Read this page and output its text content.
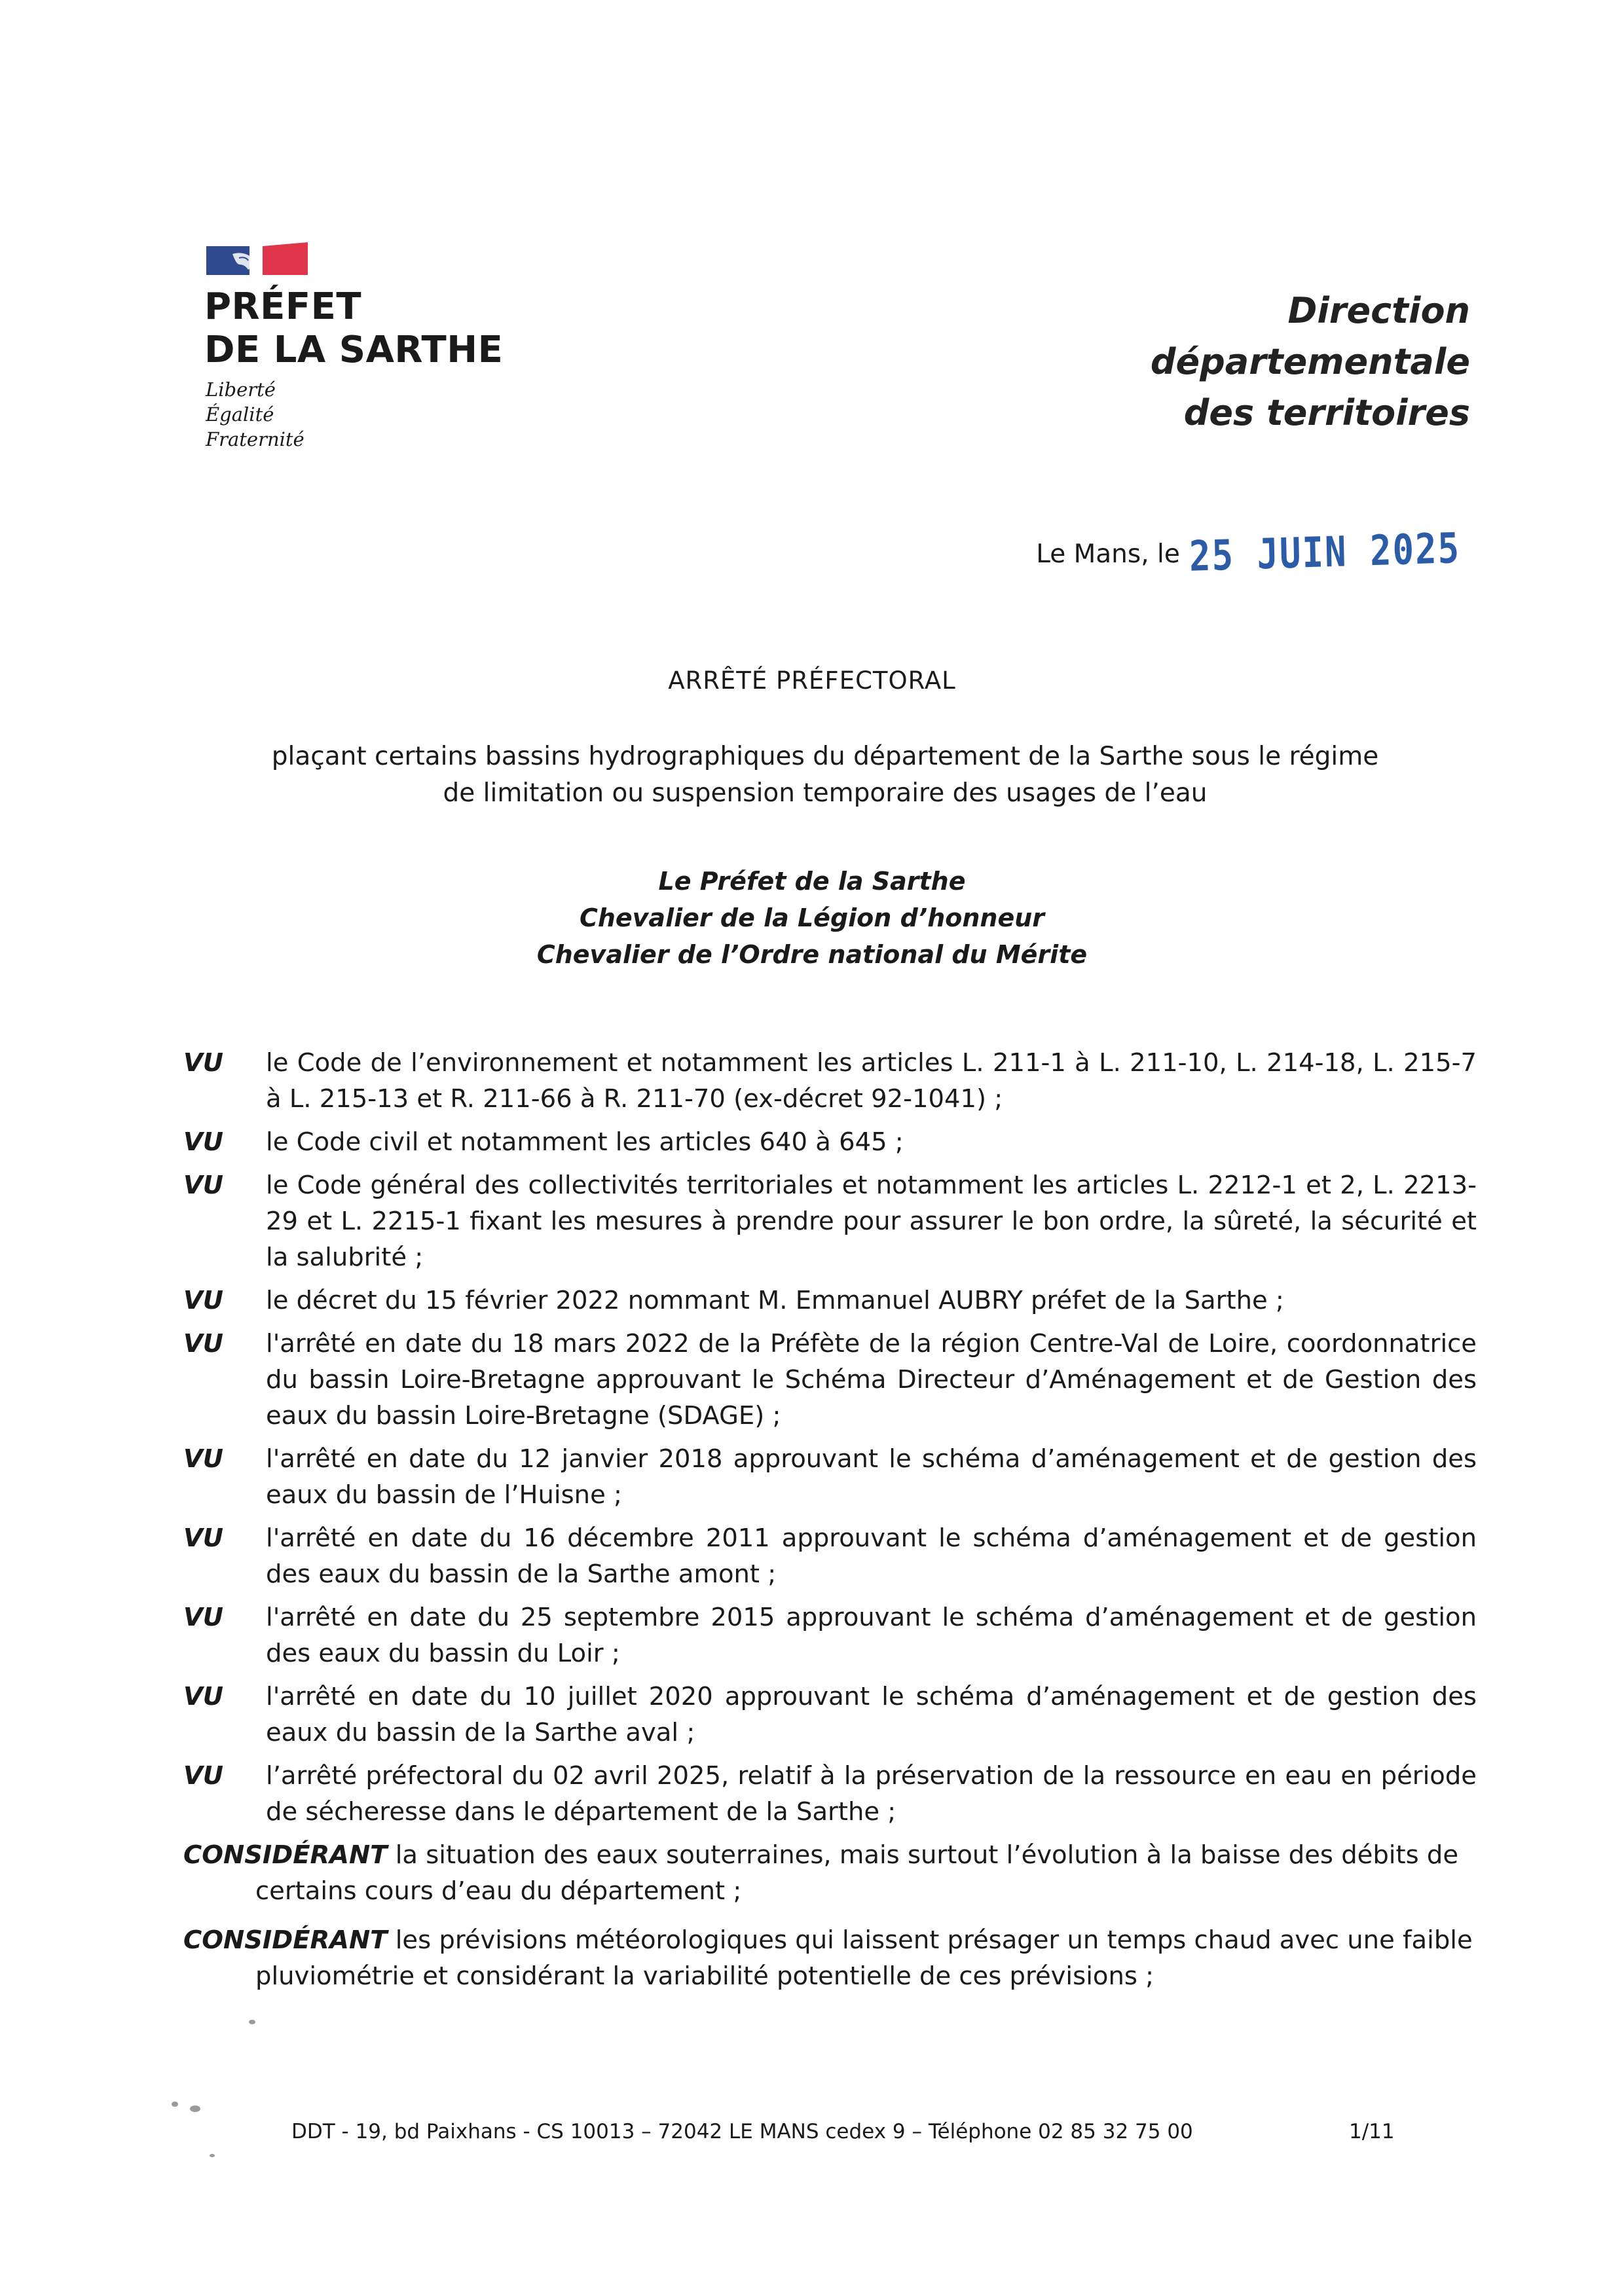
PRÉFET
DE LA SARTHE
Liberté
Égalité
Fraternité
Direction
départementale
des territoires
Le Mans, le 25 JUIN 2025
ARRÊTÉ PRÉFECTORAL
plaçant certains bassins hydrographiques du département de la Sarthe sous le régime
de limitation ou suspension temporaire des usages de l’eau
Le Préfet de la Sarthe
Chevalier de la Légion d’honneur
Chevalier de l’Ordre national du Mérite
VU	le Code de l’environnement et notamment les articles L. 211-1 à L. 211-10, L. 214-18, L. 215-7 à L. 215-13 et R. 211-66 à R. 211-70 (ex-décret 92-1041) ;
VU	le Code civil et notamment les articles 640 à 645 ;
VU	le Code général des collectivités territoriales et notamment les articles L. 2212-1 et 2, L. 2213-29 et L. 2215-1 fixant les mesures à prendre pour assurer le bon ordre, la sûreté, la sécurité et la salubrité ;
VU	le décret du 15 février 2022 nommant M. Emmanuel AUBRY préfet de la Sarthe ;
VU	l'arrêté en date du 18 mars 2022 de la Préfète de la région Centre-Val de Loire, coordonnatrice du bassin Loire-Bretagne approuvant le Schéma Directeur d’Aménagement et de Gestion des eaux du bassin Loire-Bretagne (SDAGE) ;
VU	l'arrêté en date du 12 janvier 2018 approuvant le schéma d’aménagement et de gestion des eaux du bassin de l’Huisne ;
VU	l'arrêté en date du 16 décembre 2011 approuvant le schéma d’aménagement et de gestion des eaux du bassin de la Sarthe amont ;
VU	l'arrêté en date du 25 septembre 2015 approuvant le schéma d’aménagement et de gestion des eaux du bassin du Loir ;
VU	l'arrêté en date du 10 juillet 2020 approuvant le schéma d’aménagement et de gestion des eaux du bassin de la Sarthe aval ;
VU	l’arrêté préfectoral du 02 avril 2025, relatif à la préservation de la ressource en eau en période de sécheresse dans le département de la Sarthe ;
CONSIDÉRANT la situation des eaux souterraines, mais surtout l’évolution à la baisse des débits de
certains cours d’eau du département ;
CONSIDÉRANT les prévisions météorologiques qui laissent présager un temps chaud avec une faible
pluviométrie et considérant la variabilité potentielle de ces prévisions ;
DDT - 19, bd Paixhans - CS 10013 – 72042 LE MANS cedex 9 – Téléphone 02 85 32 75 00	1/11
